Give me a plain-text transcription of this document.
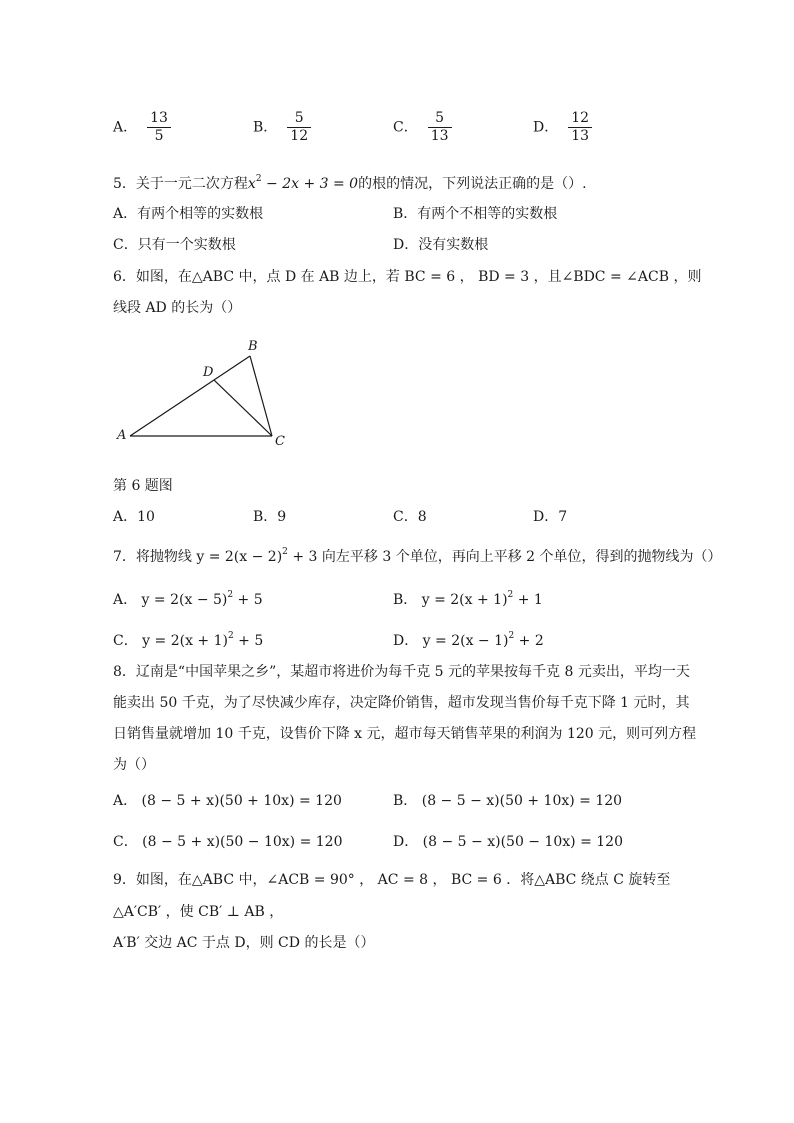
A． $\frac{13}{5}$	B． $\frac{5}{12}$	C． $\frac{5}{13}$	D． $\frac{12}{13}$
5．关于一元二次方程$x^2 - 2x + 3 = 0$的根的情况，下列说法正确的是（）.
A．有两个相等的实数根	B．有两个不相等的实数根
C．只有一个实数根	D．没有实数根
6．如图，在△ABC 中，点 D 在 AB 边上，若 BC = 6 ， BD = 3 ，且∠BDC = ∠ACB ，则
线段 AD 的长为（）
A
B
C
D
第 6 题图
A．10	B．9	C．8	D．7
7．将抛物线 $y = 2(x - 2)^2 + 3$ 向左平移 3 个单位，再向上平移 2 个单位，得到的抛物线为（）
A． $y = 2(x - 5)^2 + 5$	B． $y = 2(x + 1)^2 + 1$
C． $y = 2(x + 1)^2 + 5$	D． $y = 2(x - 1)^2 + 2$
8．辽南是“中国苹果之乡”，某超市将进价为每千克 5 元的苹果按每千克 8 元卖出，平均一天
能卖出 50 千克，为了尽快减少库存，决定降价销售，超市发现当售价每千克下降 1 元时，其
日销售量就增加 10 千克，设售价下降 x 元，超市每天销售苹果的利润为 120 元，则可列方程
为（）
A． (8 − 5 + x)(50 + 10x) = 120	B． (8 − 5 − x)(50 + 10x) = 120
C． (8 − 5 + x)(50 − 10x) = 120	D． (8 − 5 − x)(50 − 10x) = 120
9．如图，在△ABC 中，∠ACB = 90° ， AC = 8 ， BC = 6 ．将△ABC 绕点 C 旋转至
△A′CB′ ，使 CB′ ⊥ AB ，
A′B′ 交边 AC 于点 D，则 CD 的长是（）
